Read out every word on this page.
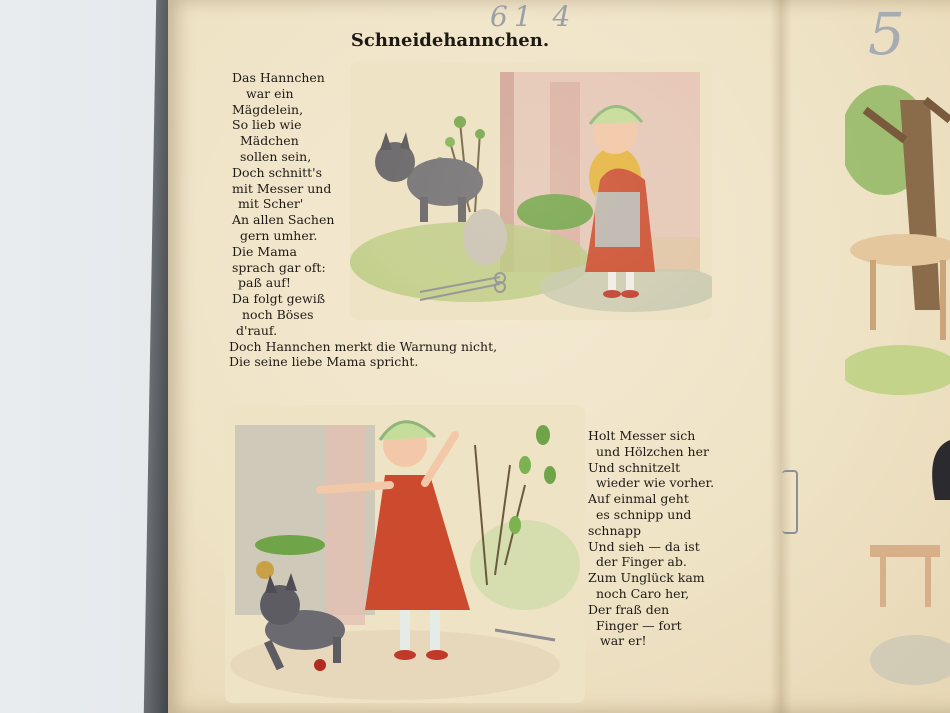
61 4	5
Schneidehannchen.
Das Hannchen
war ein
Mägdelein,
So lieb wie
Mädchen
sollen sein,
Doch schnitt's
mit Messer und
mit Scher'
An allen Sachen
gern umher.
Die Mama
sprach gar oft:
paß auf!
Da folgt gewiß
noch Böses
d'rauf.
Doch Hannchen merkt die Warnung nicht,
Die seine liebe Mama spricht.
Holt Messer sich
und Hölzchen her
Und schnitzelt
wieder wie vorher.
Auf einmal geht
es schnipp und
schnapp
Und sieh — da ist
der Finger ab.
Zum Unglück kam
noch Caro her,
Der fraß den
Finger — fort
war er!
